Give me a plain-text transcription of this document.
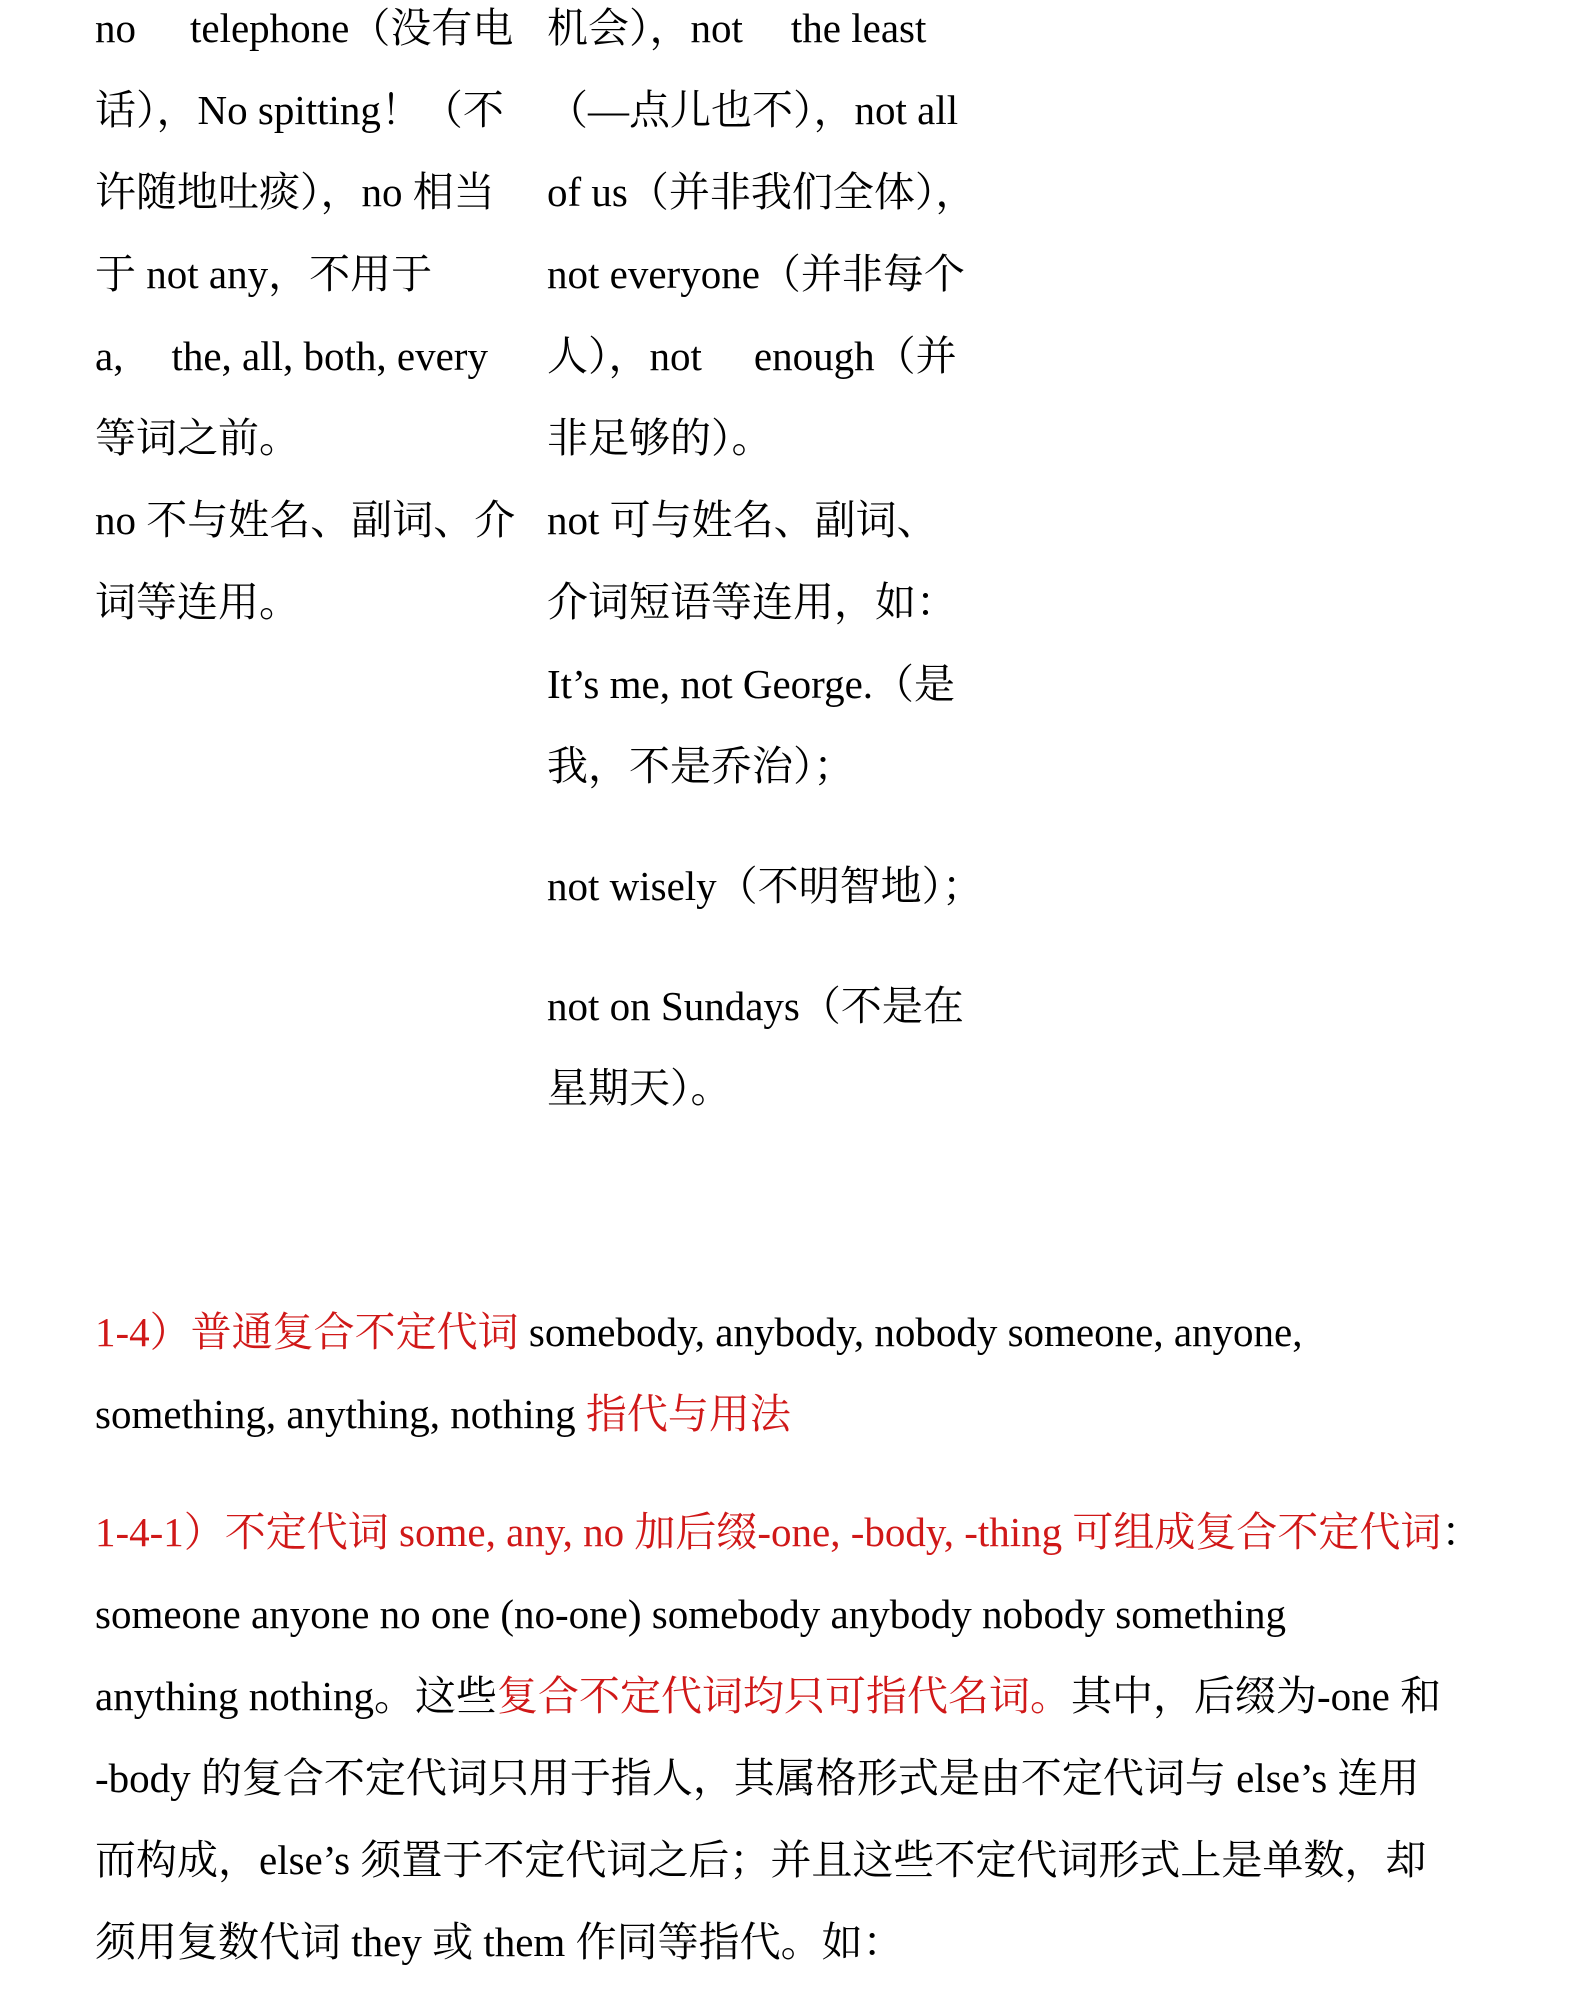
no telephone（没有电
话），No spitting！（不
许随地吐痰），no 相当
于 not any，不用于
a, the, all, both, every
等词之前。
no 不与姓名、副词、介
词等连用。
机会），not the least
（—点儿也不），not all
of us（并非我们全体），
not everyone（并非每个
人），not enough（并
非足够的）。
not 可与姓名、副词、
介词短语等连用，如：
It’s me, not George.（是
我，不是乔治）；
not wisely（不明智地）；
not on Sundays（不是在
星期天）。
1-4）普通复合不定代词 somebody, anybody, nobody someone, anyone,
something, anything, nothing 指代与用法
1-4-1）不定代词 some, any, no 加后缀-one, -body, -thing 可组成复合不定代词：
someone anyone no one (no-one) somebody anybody nobody something
anything nothing。这些复合不定代词均只可指代名词。其中，后缀为-one 和
-body 的复合不定代词只用于指人，其属格形式是由不定代词与 else’s 连用
而构成，else’s 须置于不定代词之后；并且这些不定代词形式上是单数，却
须用复数代词 they 或 them 作同等指代。如：
